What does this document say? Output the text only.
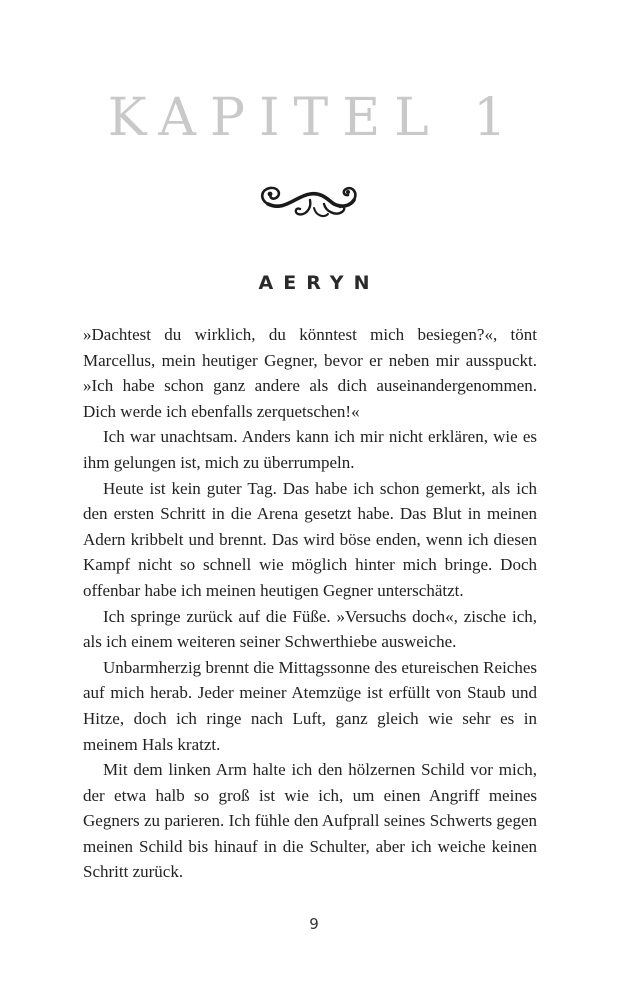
KAPITEL 1
AERYN

»Dachtest du wirklich, du könntest mich besiegen?«, tönt Marcellus, mein heutiger Gegner, bevor er neben mir ausspuckt. »Ich habe schon ganz andere als dich auseinandergenommen. Dich werde ich ebenfalls zerquetschen!«

Ich war unachtsam. Anders kann ich mir nicht erklären, wie es ihm gelungen ist, mich zu überrumpeln.

Heute ist kein guter Tag. Das habe ich schon gemerkt, als ich den ersten Schritt in die Arena gesetzt habe. Das Blut in meinen Adern kribbelt und brennt. Das wird böse enden, wenn ich diesen Kampf nicht so schnell wie möglich hinter mich bringe. Doch offenbar habe ich meinen heutigen Gegner unterschätzt.

Ich springe zurück auf die Füße. »Versuchs doch«, zische ich, als ich einem weiteren seiner Schwerthiebe ausweiche.

Unbarmherzig brennt die Mittagssonne des etureischen Reiches auf mich herab. Jeder meiner Atemzüge ist erfüllt von Staub und Hitze, doch ich ringe nach Luft, ganz gleich wie sehr es in meinem Hals kratzt.

Mit dem linken Arm halte ich den hölzernen Schild vor mich, der etwa halb so groß ist wie ich, um einen Angriff meines Gegners zu parieren. Ich fühle den Aufprall seines Schwerts gegen meinen Schild bis hinauf in die Schulter, aber ich weiche keinen Schritt zurück.

9
